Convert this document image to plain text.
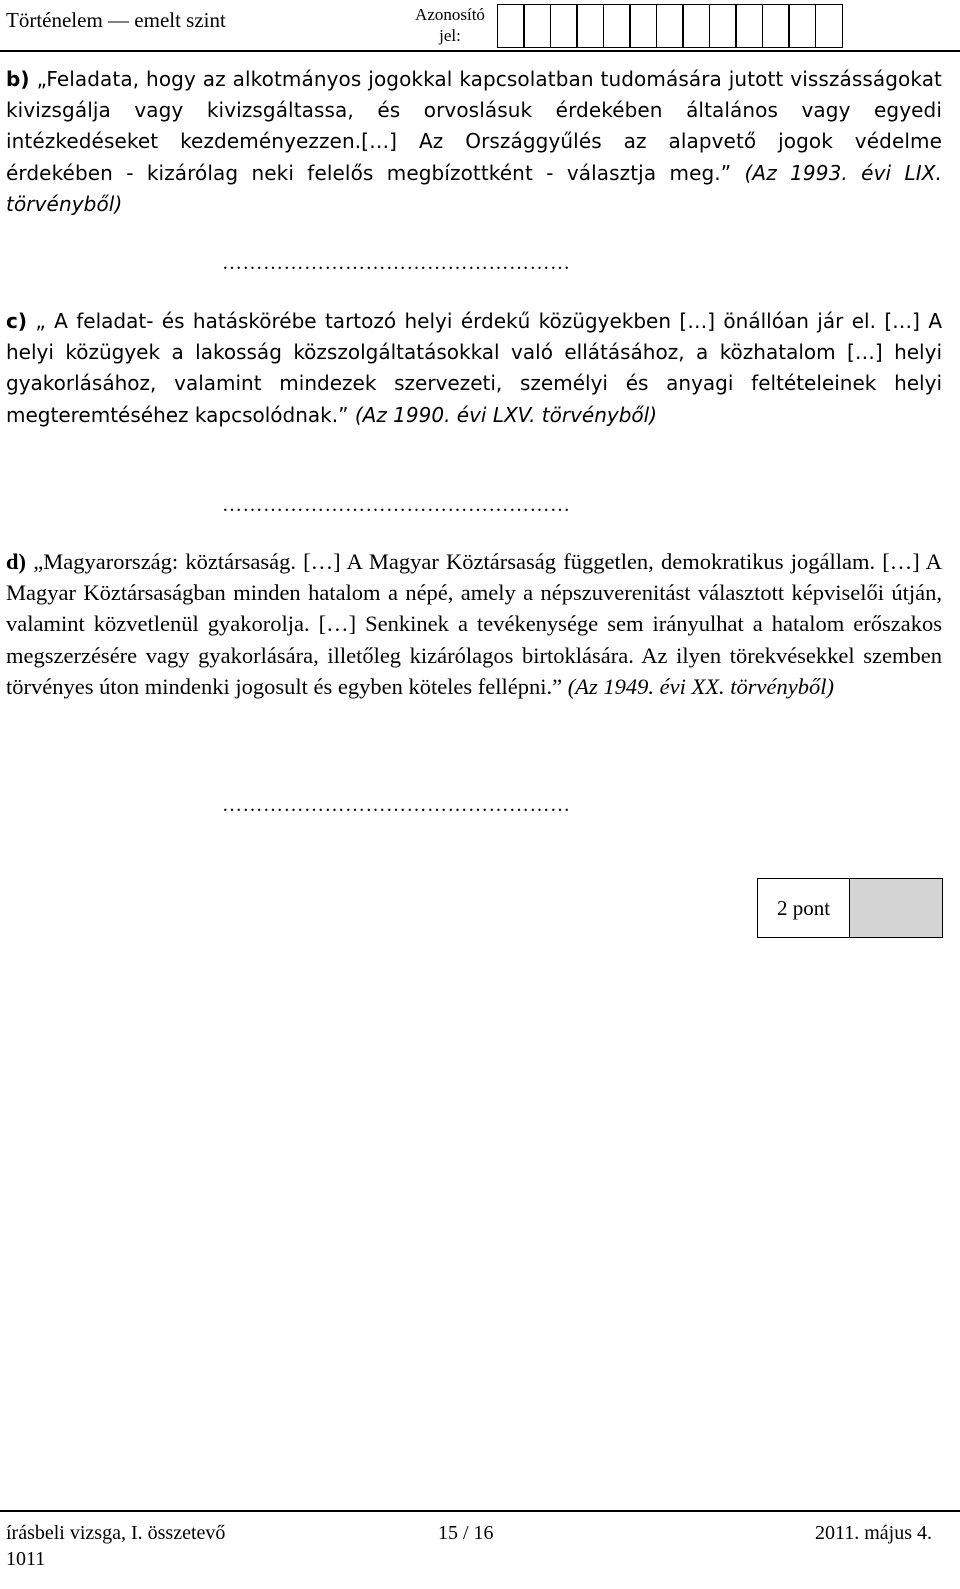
Történelem — emelt szint	Azonosító jel:
b) „Feladata, hogy az alkotmányos jogokkal kapcsolatban tudomására jutott visszásságokat kivizsgálja vagy kivizsgáltassa, és orvoslásuk érdekében általános vagy egyedi intézkedéseket kezdeményezzen.[…] Az Országgyűlés az alapvető jogok védelme érdekében - kizárólag neki felelős megbízottként - választja meg.” (Az 1993. évi LIX. törvényből)
……………………………………………
c) „ A feladat- és hatáskörébe tartozó helyi érdekű közügyekben […] önállóan jár el. […] A helyi közügyek a lakosság közszolgáltatásokkal való ellátásához, a közhatalom […] helyi gyakorlásához, valamint mindezek szervezeti, személyi és anyagi feltételeinek helyi megteremtéséhez kapcsolódnak.” (Az 1990. évi LXV. törvényből)
……………………………………………
d) „Magyarország: köztársaság. […] A Magyar Köztársaság független, demokratikus jogállam. […] A Magyar Köztársaságban minden hatalom a népé, amely a népszuverenitást választott képviselői útján, valamint közvetlenül gyakorolja. […] Senkinek a tevékenysége sem irányulhat a hatalom erőszakos megszerzésére vagy gyakorlására, illetőleg kizárólagos birtoklására. Az ilyen törekvésekkel szemben törvényes úton mindenki jogosult és egyben köteles fellépni.” (Az 1949. évi XX. törvényből)
……………………………………………
2 pont
írásbeli vizsga, I. összetevő	15 / 16	2011. május 4.
1011
